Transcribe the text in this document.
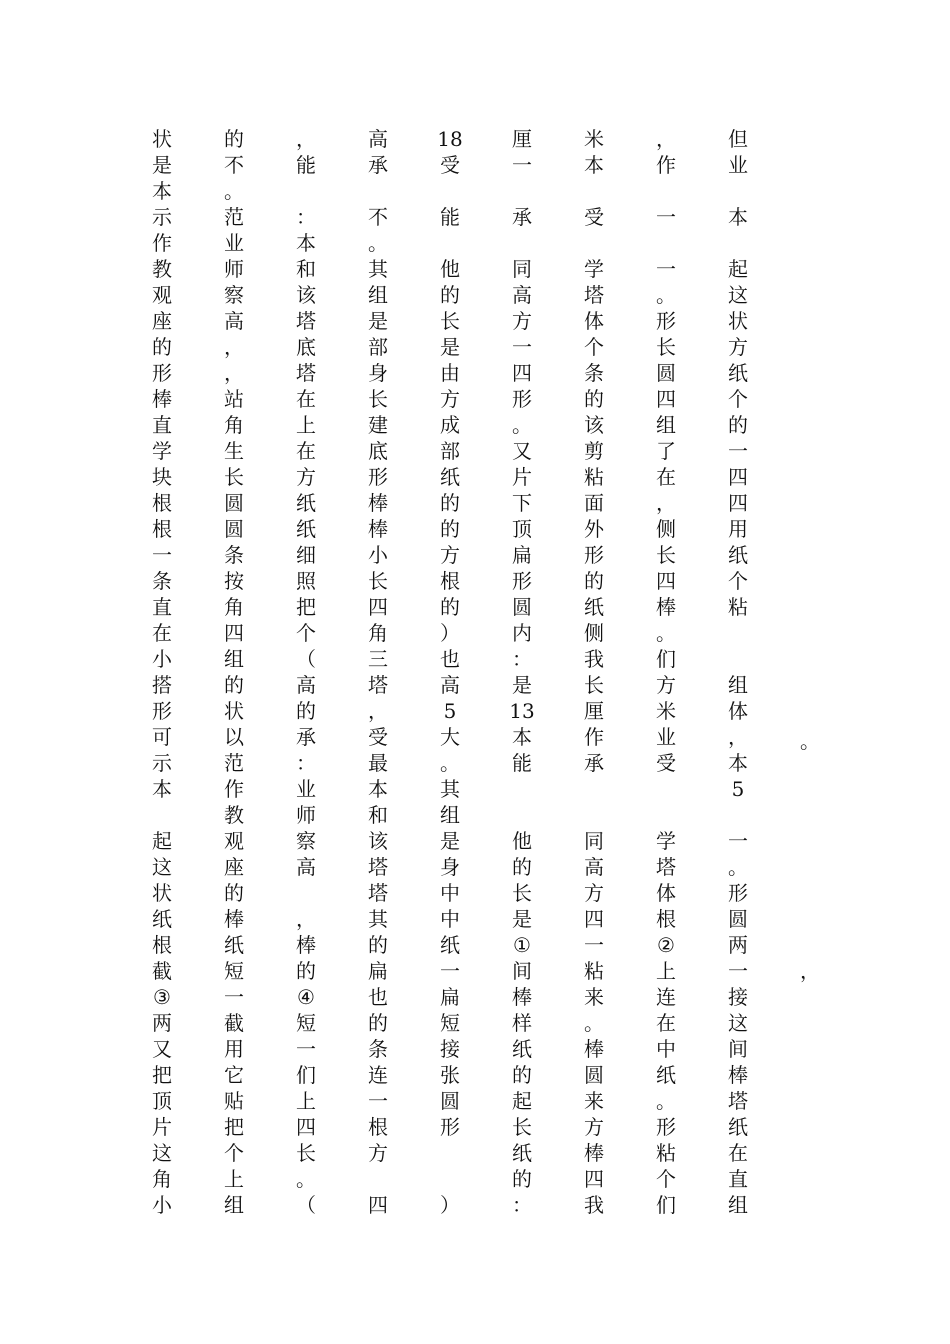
状
是
本
示
作
教
观
座
的
形
棒
直
学
块
根
根
一
条
直
在
小
搭
形
可
示
本
起
这
状
纸
根
截
③
两
又
把
顶
片
这
角
小
的
不
。
范
业
师
察
高
，
，
站
角
生
长
圆
圆
条
按
角
四
组
的
状
以
范
作
教
观
座
的
棒
纸
短
一
截
用
它
贴
把
个
上
组
，
能
：
本
和
该
塔
底
塔
在
上
在
方
纸
纸
细
照
把
个
（
高
的
承
：
业
师
察
高
，
棒
的
④
短
一
们
上
四
长
。
（
高
承
不
。
其
组
是
部
身
长
建
底
形
棒
棒
小
长
四
角
三
塔
，
受
最
本
和
该
塔
塔
其
的
扁
也
的
条
连
一
根
方
四
18
受
能
他
的
长
是
由
方
成
部
纸
的
的
方
根
的
）
也
高
5
大
。
其
组
是
身
中
中
纸
一
扁
短
接
张
圆
形
）
厘
一
承
同
高
方
一
四
形
。
又
片
下
顶
扁
形
圆
内
：
是
13
本
能
他
的
长
是
①
间
棒
样
纸
的
起
长
纸
的
：
米
本
受
学
塔
体
个
条
的
该
剪
粘
面
外
形
的
纸
侧
我
长
厘
作
承
同
高
方
四
一
粘
来
。
棒
圆
来
方
棒
四
我
，
作
一
一
。
形
长
圆
四
组
了
在
，
侧
长
四
棒
。
们
方
米
业
受
学
塔
体
根
②
上
连
在
中
纸
。
形
粘
个
们
但
业
本
起
这
状
方
纸
个
的
一
四
四
用
纸
个
粘
组
体
，
本
5
一
。
形
圆
两
一
接
这
间
棒
塔
纸
在
直
组
。
，
